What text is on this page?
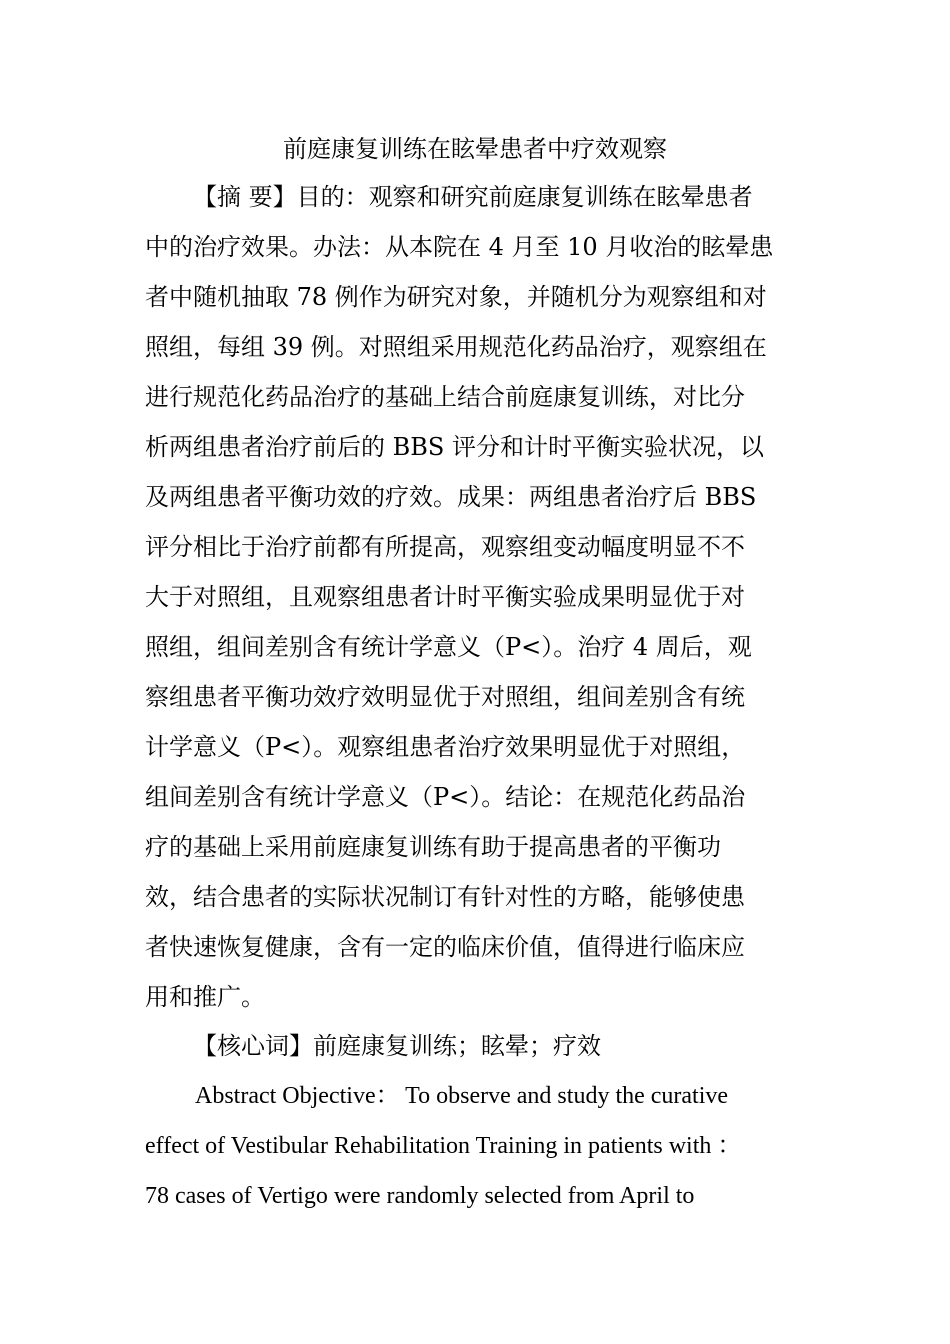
前庭康复训练在眩晕患者中疗效观察

【摘 要】目的：观察和研究前庭康复训练在眩晕患者

中的治疗效果。办法：从本院在 4 月至 10 月收治的眩晕患

者中随机抽取 78 例作为研究对象，并随机分为观察组和对

照组，每组 39 例。对照组采用规范化药品治疗，观察组在

进行规范化药品治疗的基础上结合前庭康复训练，对比分

析两组患者治疗前后的 BBS 评分和计时平衡实验状况，以

及两组患者平衡功效的疗效。成果：两组患者治疗后 BBS

评分相比于治疗前都有所提高，观察组变动幅度明显不不

大于对照组，且观察组患者计时平衡实验成果明显优于对

照组，组间差别含有统计学意义（P<）。治疗 4 周后，观

察组患者平衡功效疗效明显优于对照组，组间差别含有统

计学意义（P<）。观察组患者治疗效果明显优于对照组，

组间差别含有统计学意义（P<）。结论：在规范化药品治

疗的基础上采用前庭康复训练有助于提高患者的平衡功

效，结合患者的实际状况制订有针对性的方略，能够使患

者快速恢复健康，含有一定的临床价值，值得进行临床应

用和推广。

【核心词】前庭康复训练；眩晕；疗效

Abstract Objective： To observe and study the curative

effect of Vestibular Rehabilitation Training in patients with ：

78 cases of Vertigo were randomly selected from April to
